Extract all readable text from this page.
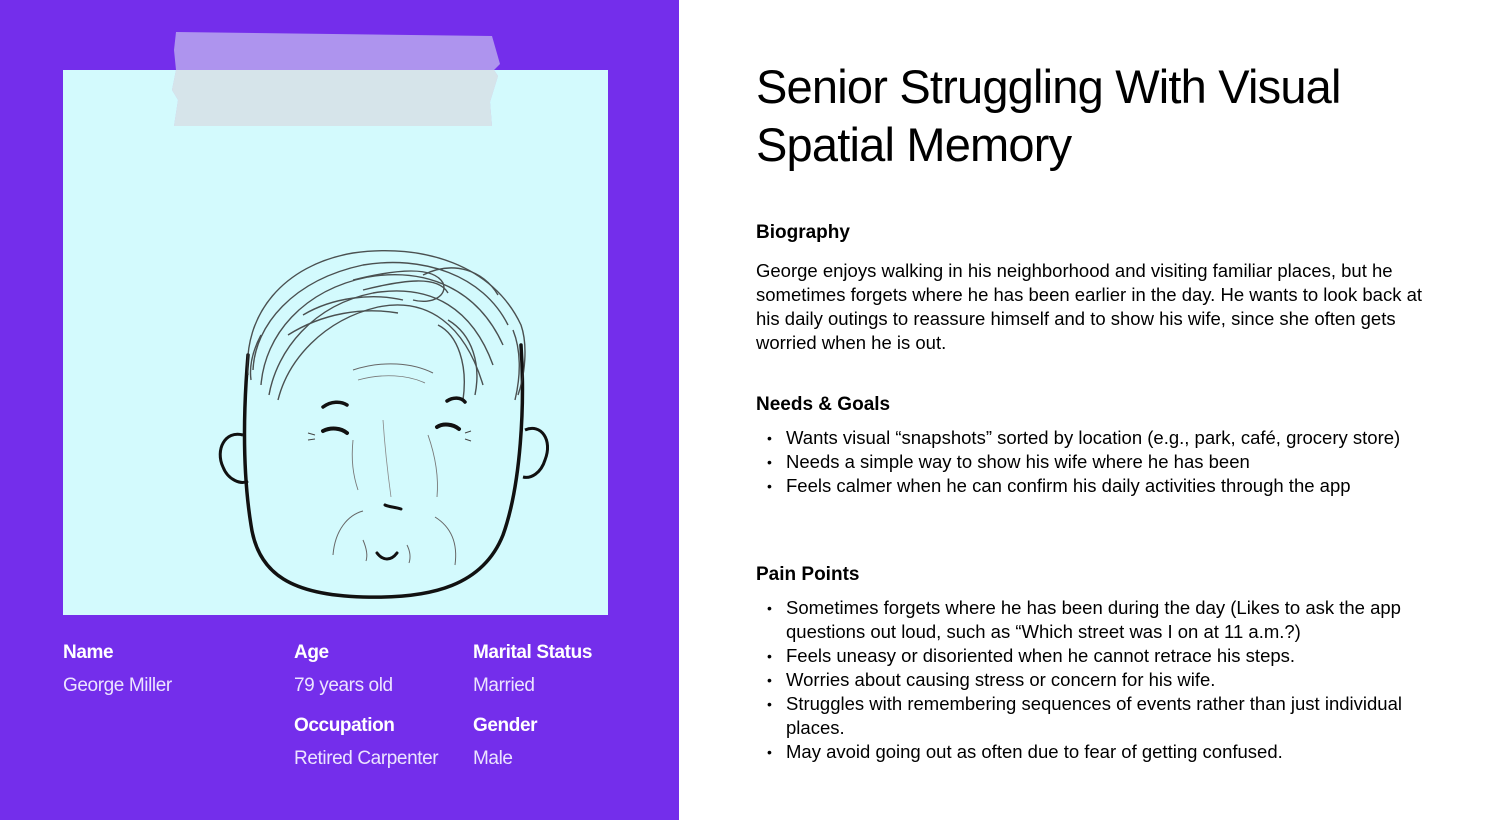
Name
George Miller
Age
79 years old
Marital Status
Married
Occupation
Retired Carpenter
Gender
Male
Senior Struggling With Visual Spatial Memory
Biography

George enjoys walking in his neighborhood and visiting familiar places, but he sometimes forgets where he has been earlier in the day. He wants to look back at his daily outings to reassure himself and to show his wife, since she often gets worried when he is out.

Needs & Goals
• Wants visual “snapshots” sorted by location (e.g., park, café, grocery store)
• Needs a simple way to show his wife where he has been
• Feels calmer when he can confirm his daily activities through the app
Pain Points
• Sometimes forgets where he has been during the day (Likes to ask the app questions out loud, such as “Which street was I on at 11 a.m.?)
• Feels uneasy or disoriented when he cannot retrace his steps.
• Worries about causing stress or concern for his wife.
• Struggles with remembering sequences of events rather than just individual places.
• May avoid going out as often due to fear of getting confused.
